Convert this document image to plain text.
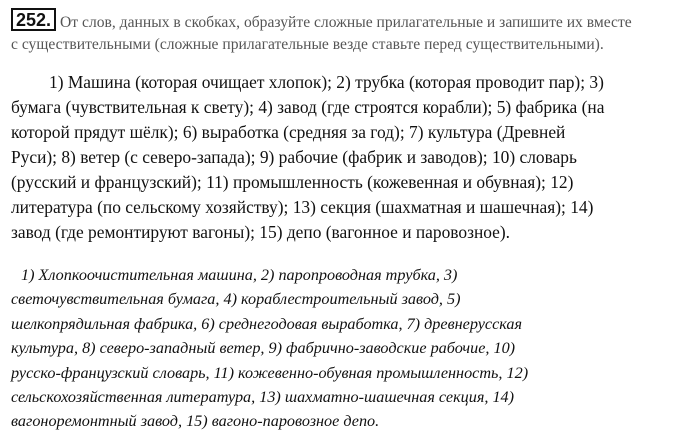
252. От слов, данных в скобках, образуйте сложные прилагательные и запишите их вместе
с существительными (сложные прилагательные везде ставьте перед существительными).
1) Машина (которая очищает хлопок); 2) трубка (которая проводит пар); 3)
бумага (чувствительная к свету); 4) завод (где строятся корабли); 5) фабрика (на
которой прядут шёлк); 6) выработка (средняя за год); 7) культура (Древней
Руси); 8) ветер (с северо-запада); 9) рабочие (фабрик и заводов); 10) словарь
(русский и французский); 11) промышленность (кожевенная и обувная); 12)
литература (по сельскому хозяйству); 13) секция (шахматная и шашечная); 14)
завод (где ремонтируют вагоны); 15) депо (вагонное и паровозное).
1) Хлопкоочистительная машина, 2) паропроводная трубка, 3)
светочувствительная бумага, 4) кораблестроительный завод, 5)
шелкопрядильная фабрика, 6) среднегодовая выработка, 7) древнерусская
культура, 8) северо-западный ветер, 9) фабрично-заводские рабочие, 10)
русско-французский словарь, 11) кожевенно-обувная промышленность, 12)
сельскохозяйственная литература, 13) шахматно-шашечная секция, 14)
вагоноремонтный завод, 15) вагоно-паровозное депо.
